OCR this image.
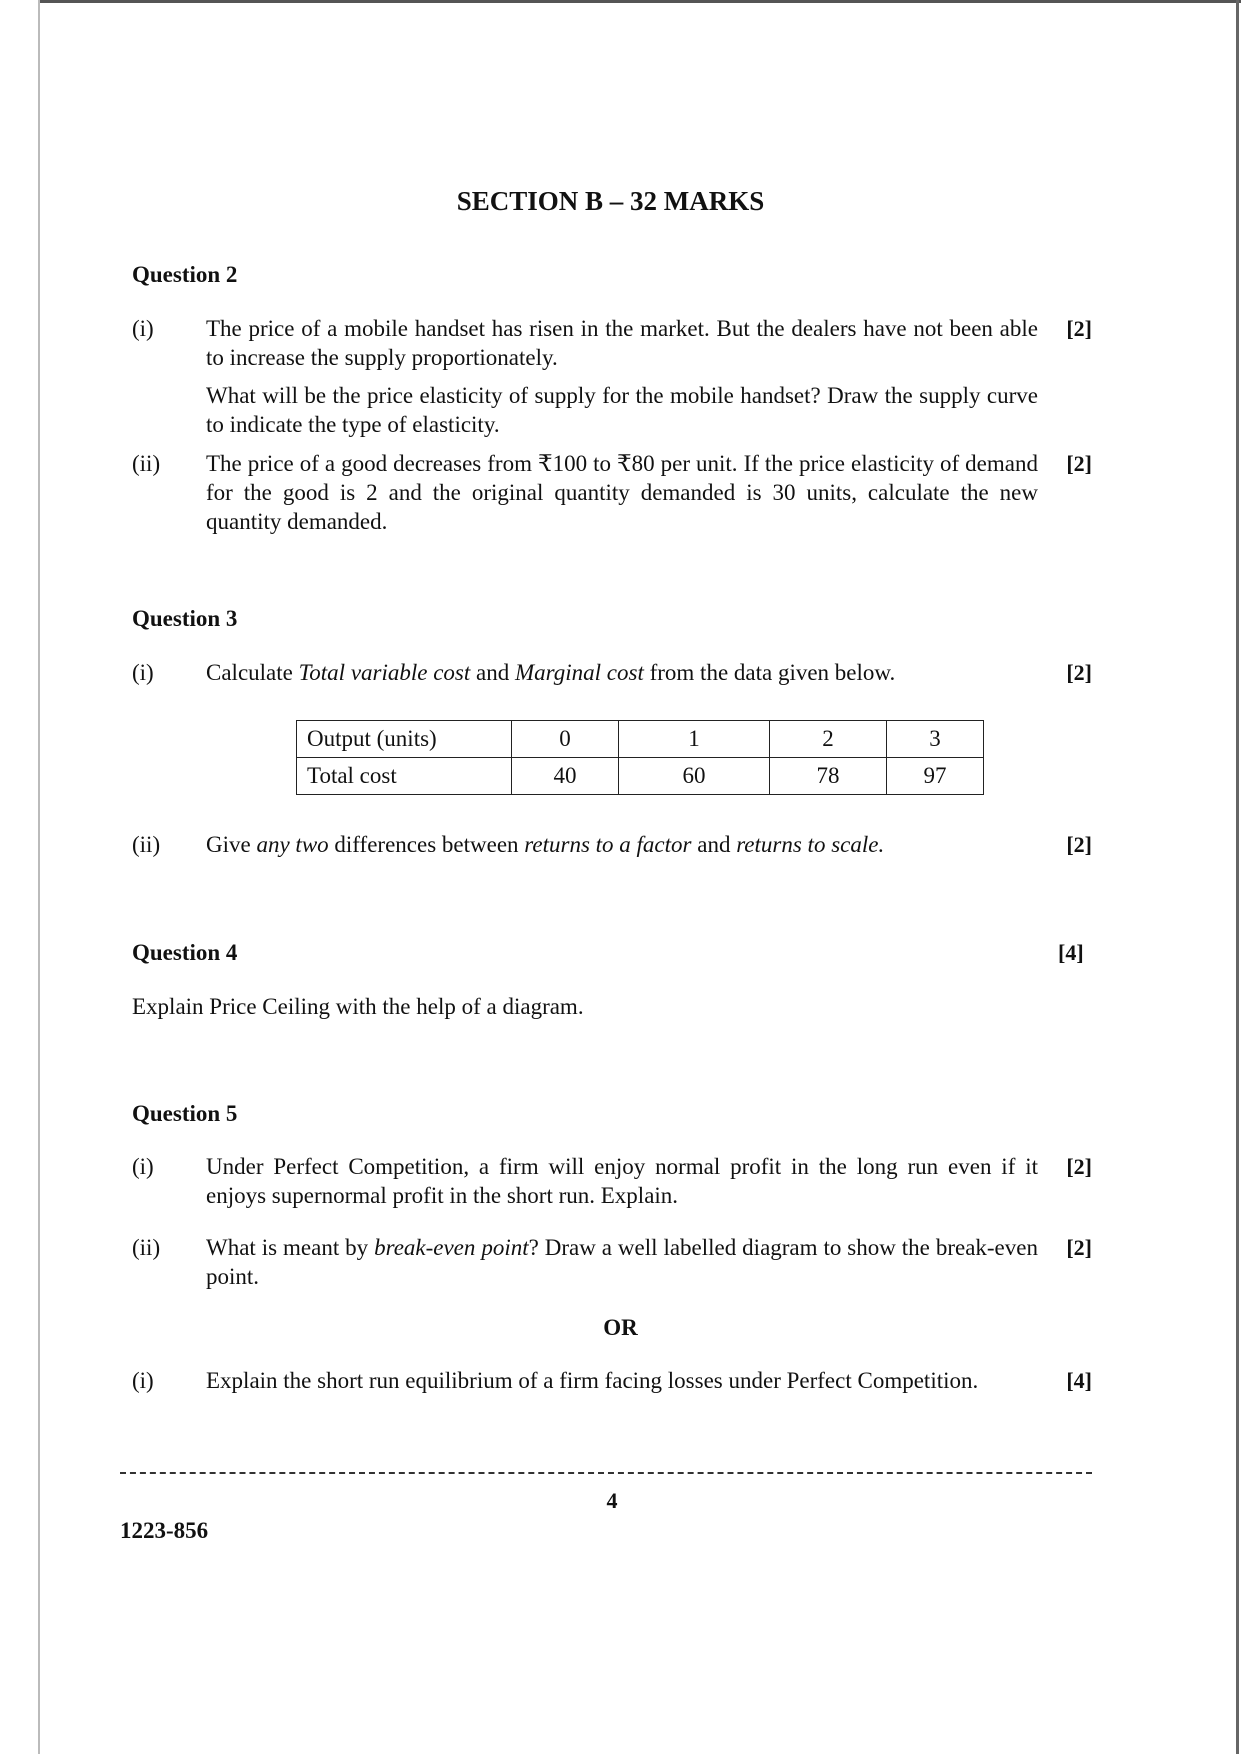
SECTION B – 32 MARKS
Question 2
(i)	The price of a mobile handset has risen in the market. But the dealers have not been able to increase the supply proportionately.
What will be the price elasticity of supply for the mobile handset? Draw the supply curve to indicate the type of elasticity.
[2]
(ii)	The price of a good decreases from ₹100 to ₹80 per unit. If the price elasticity of demand for the good is 2 and the original quantity demanded is 30 units, calculate the new quantity demanded.
[2]
Question 3
(i)	Calculate Total variable cost and Marginal cost from the data given below.	[2]
Output (units)	0	1	2	3
Total cost	40	60	78	97
(ii)	Give any two differences between returns to a factor and returns to scale.	[2]
Question 4	[4]
Explain Price Ceiling with the help of a diagram.
Question 5
(i)	Under Perfect Competition, a firm will enjoy normal profit in the long run even if it enjoys supernormal profit in the short run. Explain.
[2]
(ii)	What is meant by break-even point? Draw a well labelled diagram to show the break-even point.
[2]
OR
(i)	Explain the short run equilibrium of a firm facing losses under Perfect Competition.	[4]
4
1223-856
